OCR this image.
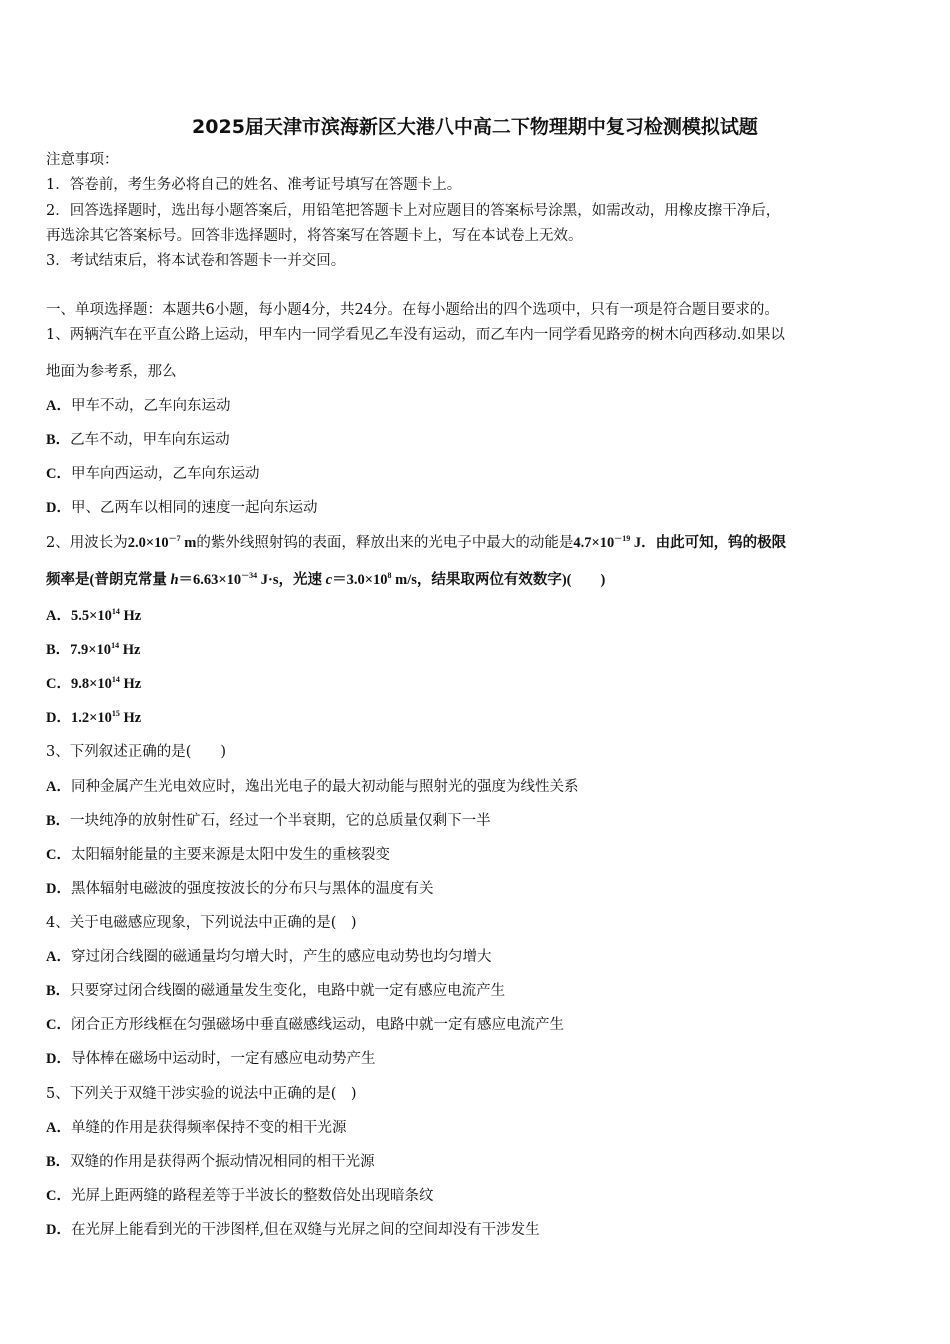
2025届天津市滨海新区大港八中高二下物理期中复习检测模拟试题
注意事项：
1．答卷前，考生务必将自己的姓名、准考证号填写在答题卡上。
2．回答选择题时，选出每小题答案后，用铅笔把答题卡上对应题目的答案标号涂黑，如需改动，用橡皮擦干净后，
再选涂其它答案标号。回答非选择题时，将答案写在答题卡上，写在本试卷上无效。
3．考试结束后，将本试卷和答题卡一并交回。
一、单项选择题：本题共6小题，每小题4分，共24分。在每小题给出的四个选项中，只有一项是符合题目要求的。
1、两辆汽车在平直公路上运动，甲车内一同学看见乙车没有运动，而乙车内一同学看见路旁的树木向西移动.如果以
地面为参考系，那么
A．甲车不动，乙车向东运动
B．乙车不动，甲车向东运动
C．甲车向西运动，乙车向东运动
D．甲、乙两车以相同的速度一起向东运动
2、用波长为$2.0\times 10^{-7}$ m的紫外线照射钨的表面，释放出来的光电子中最大的动能是$4.7\times 10^{-19}$ J．由此可知，钨的极限
频率是(普朗克常量 $h=6.63\times 10^{-34}$ J·s，光速 $c=3.0\times 10^8$ m/s，结果取两位有效数字)(　　)
A．$5.5\times 10^{14}$ Hz
B．$7.9\times 10^{14}$ Hz
C．$9.8\times 10^{14}$ Hz
D．$1.2\times 10^{15}$ Hz
3、下列叙述正确的是(　　)
A．同种金属产生光电效应时，逸出光电子的最大初动能与照射光的强度为线性关系
B．一块纯净的放射性矿石，经过一个半衰期，它的总质量仅剩下一半
C．太阳辐射能量的主要来源是太阳中发生的重核裂变
D．黑体辐射电磁波的强度按波长的分布只与黑体的温度有关
4、关于电磁感应现象，下列说法中正确的是(　)
A．穿过闭合线圈的磁通量均匀增大时，产生的感应电动势也均匀增大
B．只要穿过闭合线圈的磁通量发生变化，电路中就一定有感应电流产生
C．闭合正方形线框在匀强磁场中垂直磁感线运动，电路中就一定有感应电流产生
D．导体棒在磁场中运动时，一定有感应电动势产生
5、下列关于双缝干涉实验的说法中正确的是(　)
A．单缝的作用是获得频率保持不变的相干光源
B．双缝的作用是获得两个振动情况相同的相干光源
C．光屏上距两缝的路程差等于半波长的整数倍处出现暗条纹
D．在光屏上能看到光的干涉图样,但在双缝与光屏之间的空间却没有干涉发生
